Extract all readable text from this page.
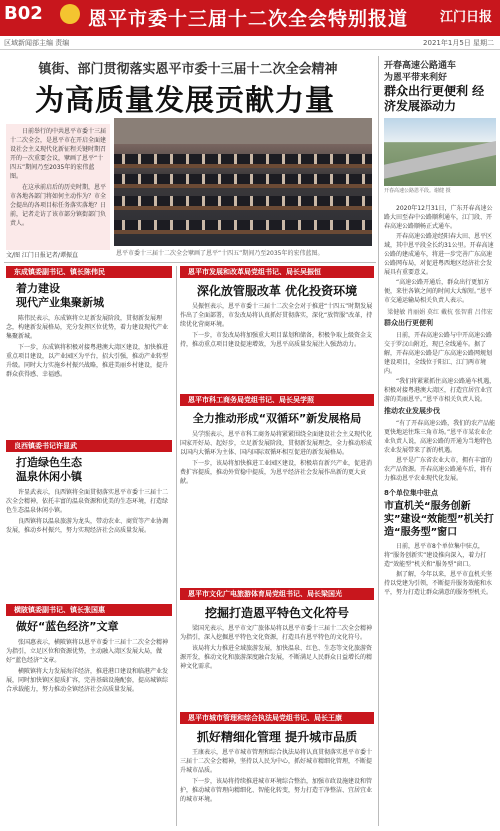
B02 恩平市委十三届十二次全会特别报道 江门日报
区域新闻部主编 责编	2021年1月5日 星期二
镇街、部门贯彻落实恩平市委十三届十二次全会精神
为高质量发展贡献力量

日前举行的中共恩平市委十三届十二次全会，是恩平市在开启全面建设社会主义现代化新征程关键时期召开的一次重要会议，擘画了恩平“十四五”期间乃至2035年的宏伟蓝图。

在这承前启后的历史时期，恩平市各地各部门将如何主动作为？市全会提出的各项目标任务落实落地？日前，记者走访了该市部分镇街部门负责人。

文/图 江门日报记者/谭振直	恩平市委十三届十二次全会擘画了恩平“十四五”期间乃至2035年的宏伟蓝图。
开春高速公路通车
为恩平带来利好
群众出行更便利 经济发展添动力
开春高速公路恩平段。谢健 摄

2020年12月31日，广东开春高速公路大田至春中公路顺利通车，江门段、开春高速公路顺畅正式通车。

开春高速公路途经阳春大田、恩平区域，其中恩平段全长约31公里。开春高速公路的建成通车，将进一步完善广东高速公路网布局，对促进粤西地区经济社会发展具有重要意义。

“高速公路开通后，群众出行更加方便，来往各镇之间的时间大大缩短。”恩平市交通运输局相关负责人表示。

梁健敏 肖丽娟 莫红 戴杭 张智甫 吕伟宏
群众出行更便利

日前，开春高速公路与中开高速公路交于罗汉山附近，现已全线通车。据了解，开春高速公路是广东高速公路网规划建设项目，全线位于阳江、江门两市境内。

“我们将紧紧抓住高速公路通车机遇，积极对接粤港澳大湾区，打造宜居宜业宜游的美丽恩平。”恩平市相关负责人说。

推动农业发展步伐

“有了开春高速公路，我们的农产品能更快地运往珠三角市场。”恩平市某农业企业负责人说，高速公路的开通为当地特色农业发展带来了新的机遇。

恩平是广东省农业大市，拥有丰富的农产品资源。开春高速公路通车后，将有力推动恩平农业现代化发展。

8个单位集中驻点
市直机关“服务创新实”建设“效能型”机关打造“服务型”窗口

日前，恩平市8个单位集中驻点，将“服务创新实”建设推向深入，着力打造“效能型”机关和“服务型”窗口。

据了解，今年以来，恩平市直机关坚持以党建为引领，不断提升服务效能和水平，努力打造让群众满意的服务型机关。

东成镇委副书记、镇长陈伟民
着力建设
现代产业集聚新城

陈伟民表示，东成镇将立足新发展阶段，贯彻新发展理念，构建新发展格局，充分发挥区位优势，着力建设现代产业集聚新城。

下一步，东成镇将积极对接粤港澳大湾区建设，加快推进重点项目建设，以产业园区为平台，招大引强，推动产业转型升级。同时大力实施乡村振兴战略，推进美丽乡村建设，提升群众获得感、幸福感。

良西镇委书记许显武
打造绿色生态
温泉休闲小镇

许显武表示，良西镇将全面贯彻落实恩平市委十三届十二次全会精神，依托丰富的温泉资源和优美的生态环境，打造绿色生态温泉休闲小镇。

良西镇将以温泉旅游为龙头，带动农业、商贸等产业协调发展，推动乡村振兴，努力实现经济社会高质量发展。

横陂镇委副书记、镇长张国惠
做好“蓝色经济”文章

张国惠表示，横陂镇将以恩平市委十三届十二次全会精神为指引，立足区位和资源优势，主动融入湾区发展大局，做好“蓝色经济”文章。

横陂镇将大力发展海洋经济，推进港口建设和临港产业发展，同时加快镇区提质扩容，完善基础设施配套，提高城镇综合承载能力，努力推动全镇经济社会高质量发展。

恩平市发展和改革局党组书记、局长吴振恒
深化放管服改革 优化投资环境

吴振恒表示，恩平市委十三届十二次全会对于推进“十四五”时期发展作出了全面部署，市发改局将认真抓好贯彻落实，深化“放管服”改革，持续优化营商环境。

下一步，市发改局将加强重大项目谋划和储备，积极争取上级资金支持，推动重点项目建设提速增效，为恩平高质量发展注入强劲动力。

恩平市科工商务局党组书记、局长吴学照
全力推动形成“双循环”新发展格局

吴学照表示，恩平市科工商务局将紧紧围绕全面建设社会主义现代化国家开好局、起好步，立足新发展阶段，贯彻新发展理念，全力推动形成以国内大循环为主体、国内国际双循环相互促进的新发展格局。

下一步，该局将加快推进工业园区建设，积极培育新兴产业，促进消费扩容提质，推动外贸稳中提质，为恩平经济社会发展作出新的更大贡献。

恩平市文化广电旅游体育局党组书记、局长梁国光
挖掘打造恩平特色文化符号

梁国光表示，恩平市文广旅体局将以恩平市委十三届十二次全会精神为指引，深入挖掘恩平特色文化资源，打造具有恩平特色的文化符号。

该局将大力推进全域旅游发展，加快温泉、红色、生态等文化旅游资源开发，推动文化和旅游深度融合发展，不断满足人民群众日益增长的精神文化需求。

恩平市城市管理和综合执法局党组书记、局长王康
抓好精细化管理 提升城市品质

王康表示，恩平市城市管理和综合执法局将认真贯彻落实恩平市委十三届十二次全会精神，坚持以人民为中心，抓好城市精细化管理，不断提升城市品质。

下一步，该局将持续推进城市环境综合整治，加强市政设施建设和管护，推动城市管理向精细化、智能化转变，努力打造干净整洁、宜居宜业的城市环境。
